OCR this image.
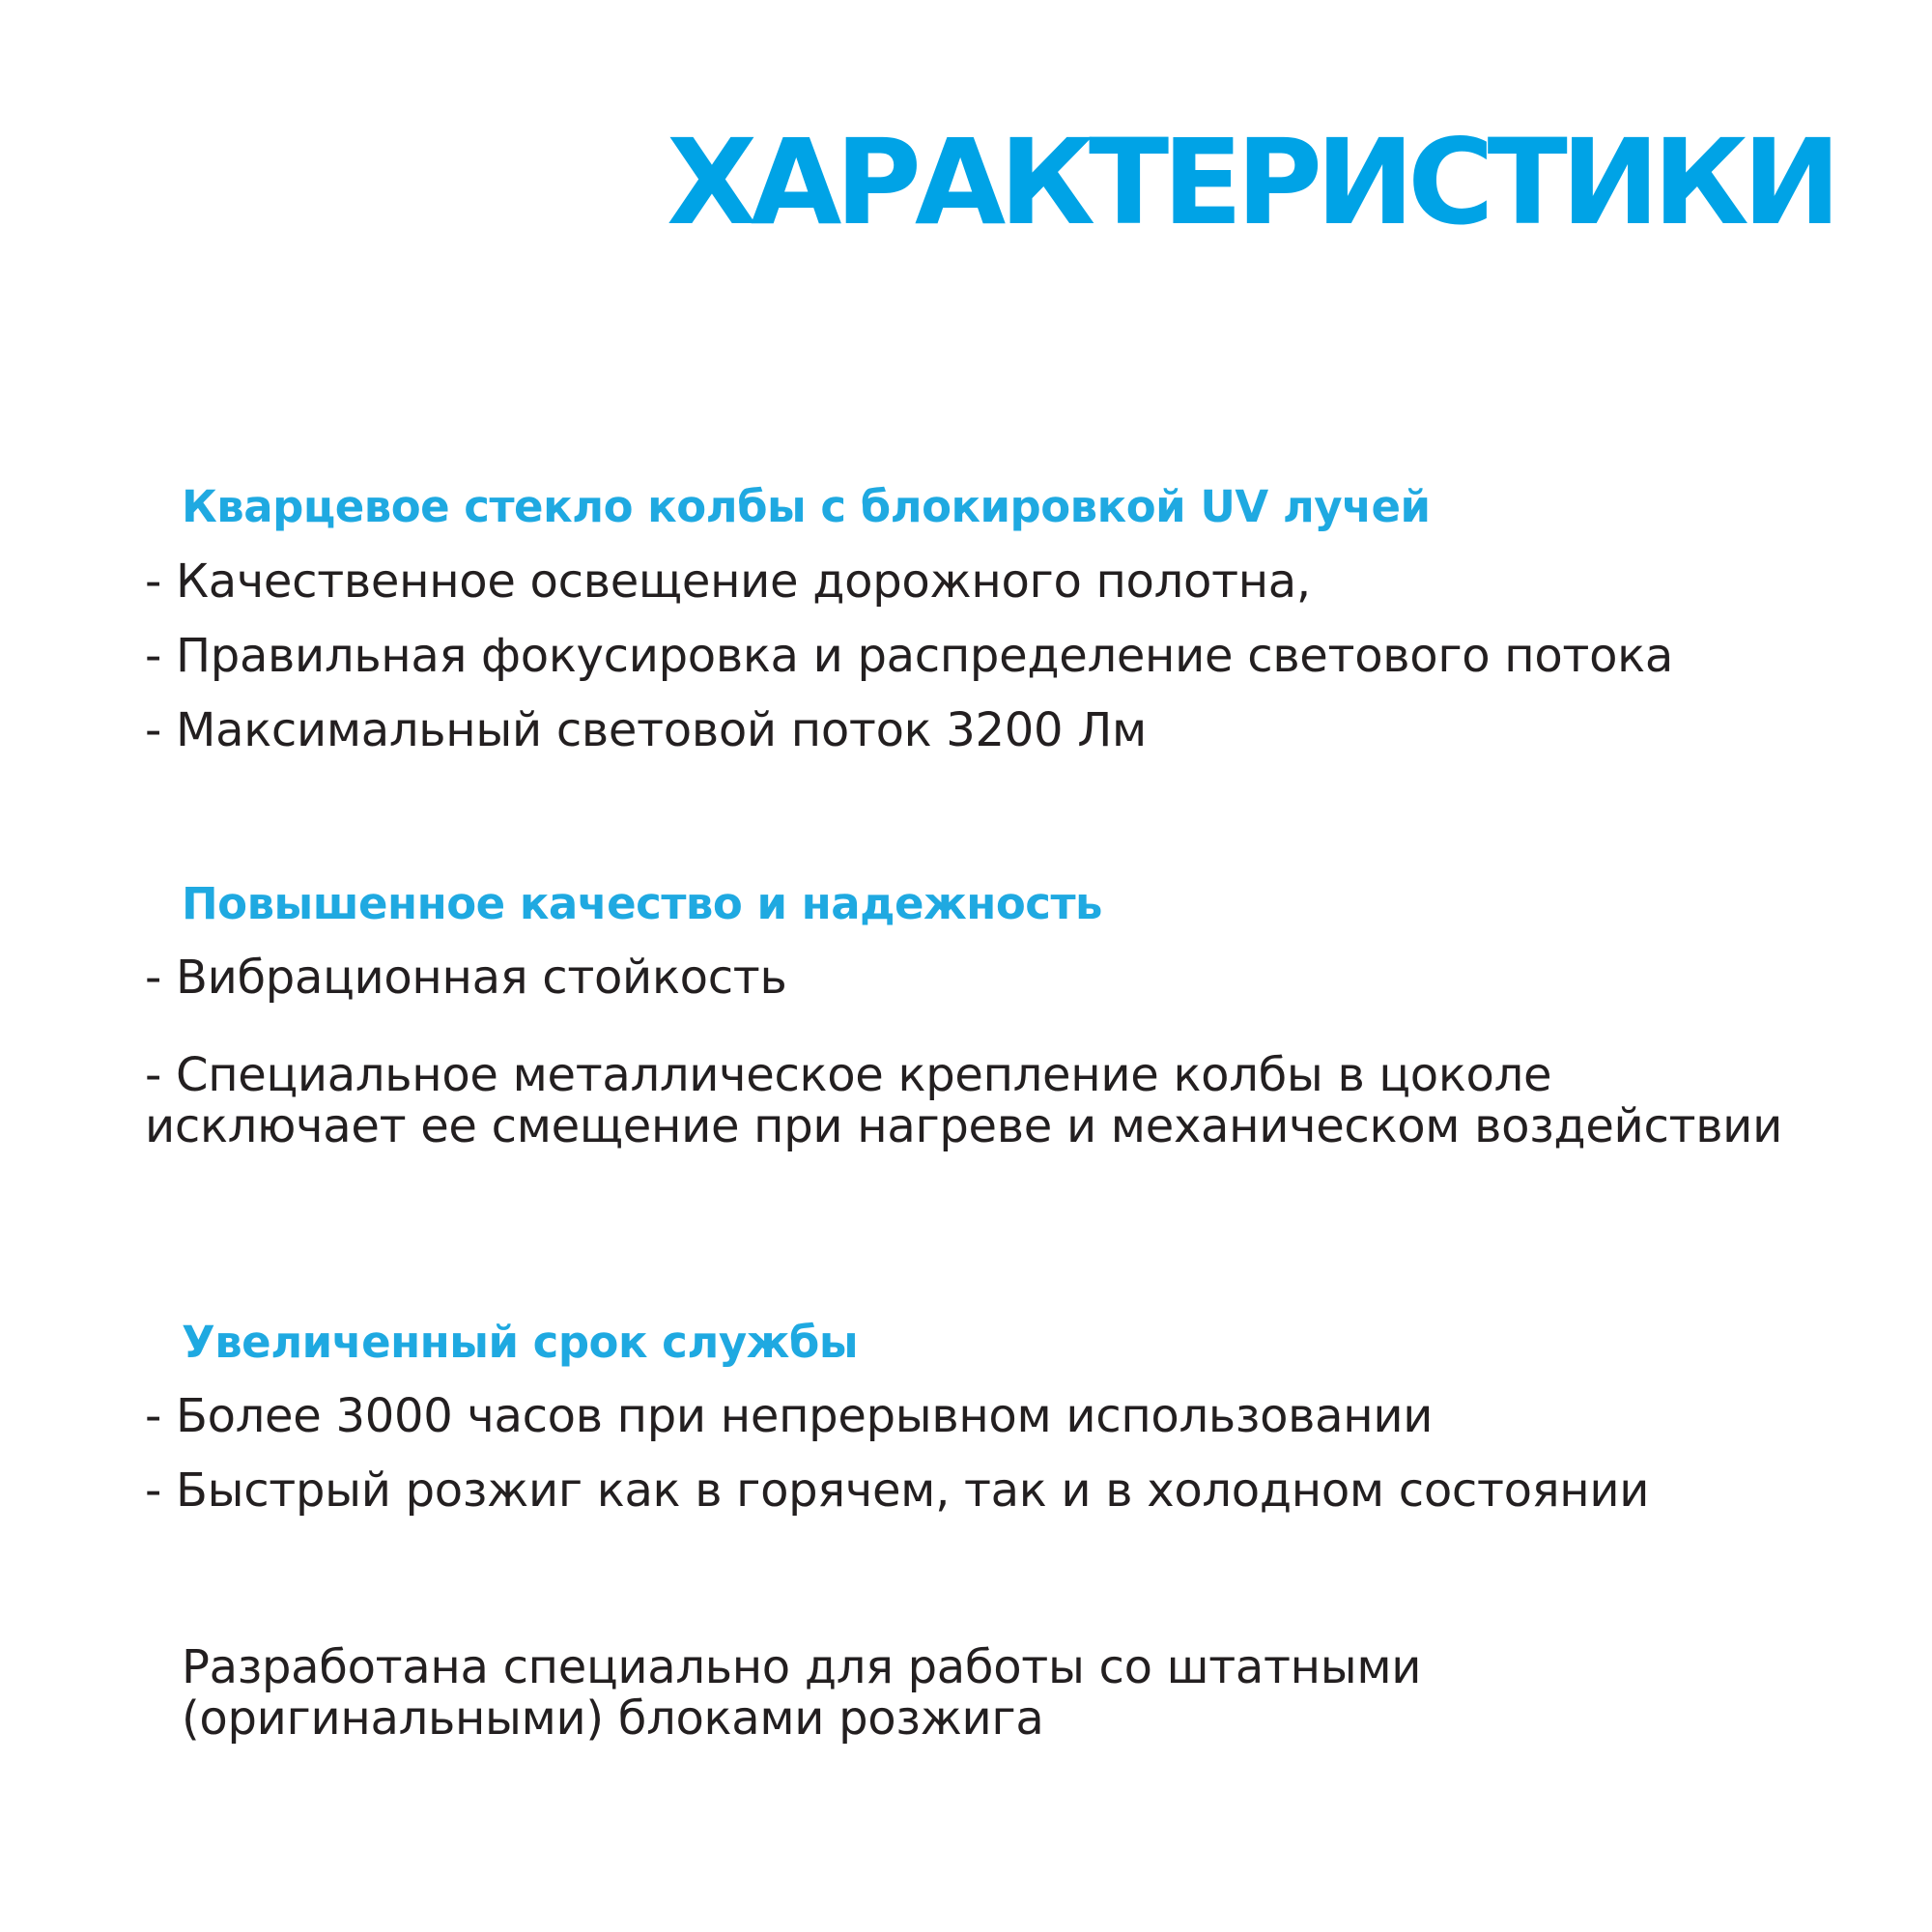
ХАРАКТЕРИСТИКИ
Кварцевое стекло колбы с блокировкой UV лучей
- Качественное освещение дорожного полотна,
- Правильная фокусировка и распределение светового потока
- Максимальный световой поток 3200 Лм
Повышенное качество и надежность
- Вибрационная стойкость
- Специальное металлическое крепление колбы в цоколе исключает ее смещение при нагреве и механическом воздействии
Увеличенный срок службы
- Более 3000 часов при непрерывном использовании
- Быстрый розжиг как в горячем, так и в холодном состоянии
Разработана специально для работы со штатными (оригинальными) блоками розжига
